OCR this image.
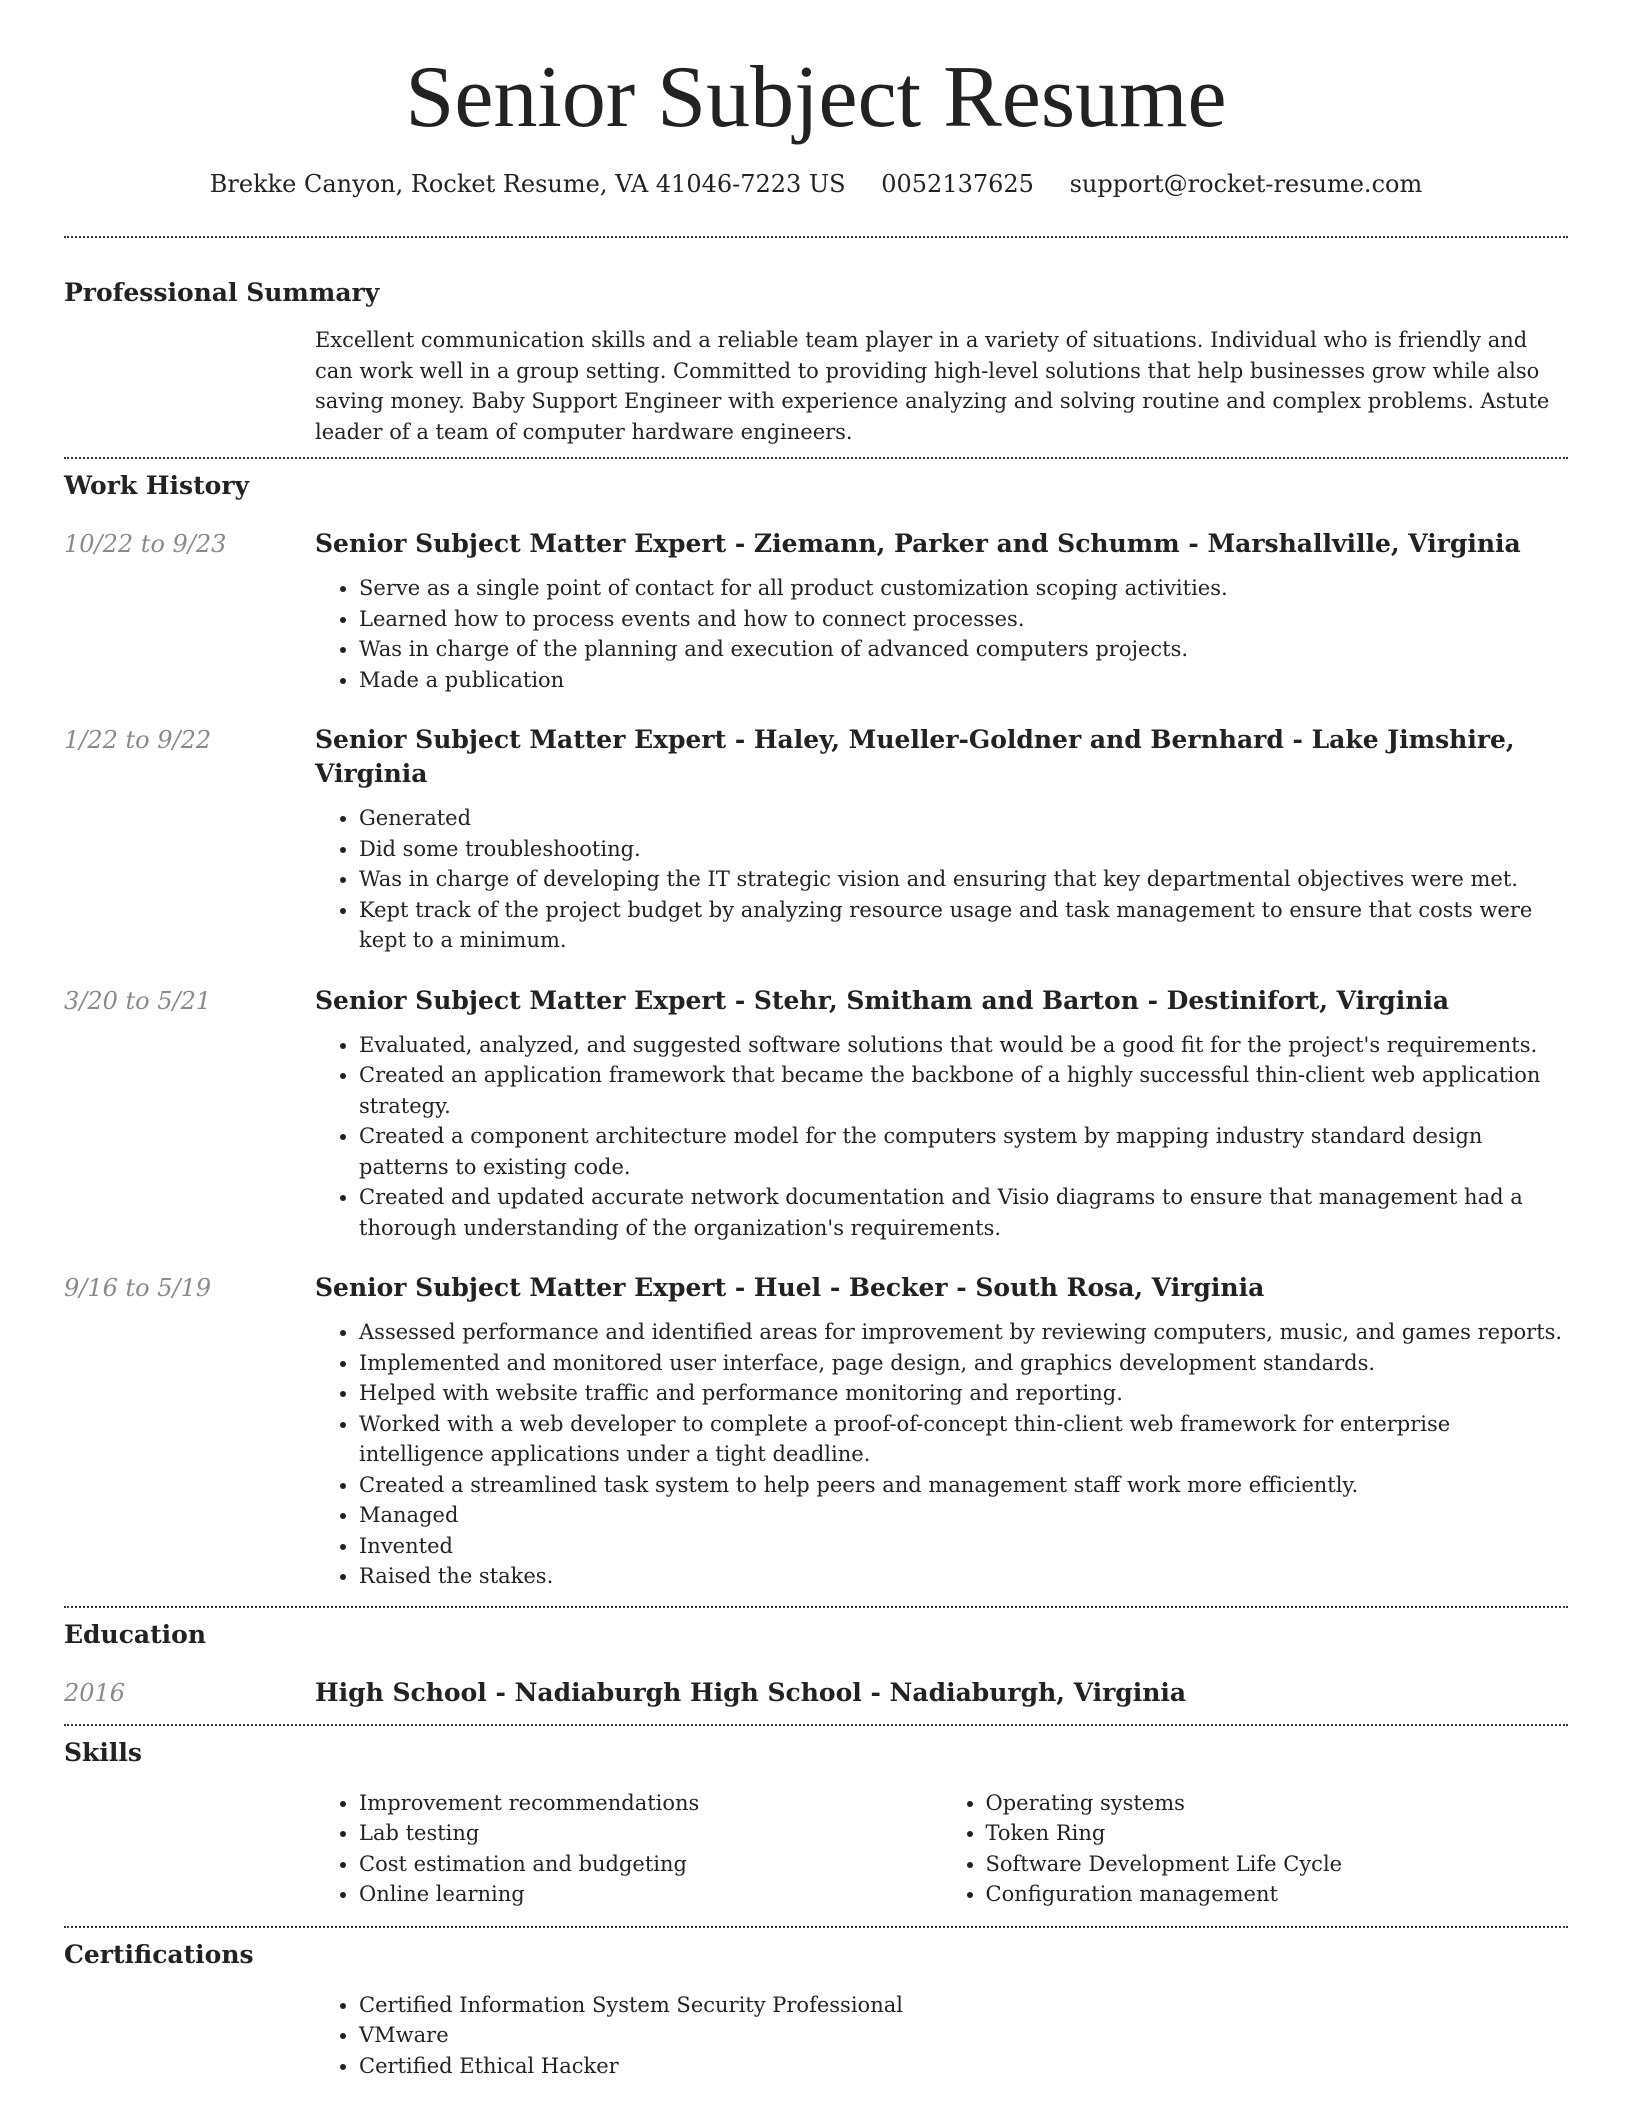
Senior Subject Resume
Brekke Canyon, Rocket Resume, VA 41046-7223 US 0052137625 support@rocket-resume.com
Professional Summary

Excellent communication skills and a reliable team player in a variety of situations. Individual who is friendly and can work well in a group setting. Committed to providing high-level solutions that help businesses grow while also saving money. Baby Support Engineer with experience analyzing and solving routine and complex problems. Astute leader of a team of computer hardware engineers.

Work History
10/22 to 9/23	Senior Subject Matter Expert - Ziemann, Parker and Schumm - Marshallville, Virginia
• Serve as a single point of contact for all product customization scoping activities.
• Learned how to process events and how to connect processes.
• Was in charge of the planning and execution of advanced computers projects.
• Made a publication
1/22 to 9/22	Senior Subject Matter Expert - Haley, Mueller-Goldner and Bernhard - Lake Jimshire, Virginia
• Generated
• Did some troubleshooting.
• Was in charge of developing the IT strategic vision and ensuring that key departmental objectives were met.
• Kept track of the project budget by analyzing resource usage and task management to ensure that costs were kept to a minimum.
3/20 to 5/21	Senior Subject Matter Expert - Stehr, Smitham and Barton - Destinifort, Virginia
• Evaluated, analyzed, and suggested software solutions that would be a good fit for the project's requirements.
• Created an application framework that became the backbone of a highly successful thin-client web application strategy.
• Created a component architecture model for the computers system by mapping industry standard design patterns to existing code.
• Created and updated accurate network documentation and Visio diagrams to ensure that management had a thorough understanding of the organization's requirements.
9/16 to 5/19	Senior Subject Matter Expert - Huel - Becker - South Rosa, Virginia
• Assessed performance and identified areas for improvement by reviewing computers, music, and games reports.
• Implemented and monitored user interface, page design, and graphics development standards.
• Helped with website traffic and performance monitoring and reporting.
• Worked with a web developer to complete a proof-of-concept thin-client web framework for enterprise intelligence applications under a tight deadline.
• Created a streamlined task system to help peers and management staff work more efficiently.
• Managed
• Invented
• Raised the stakes.
Education
2016	High School - Nadiaburgh High School - Nadiaburgh, Virginia
Skills
• Improvement recommendations
• Lab testing
• Cost estimation and budgeting
• Online learning
• Operating systems
• Token Ring
• Software Development Life Cycle
• Configuration management
Certifications
• Certified Information System Security Professional
• VMware
• Certified Ethical Hacker
